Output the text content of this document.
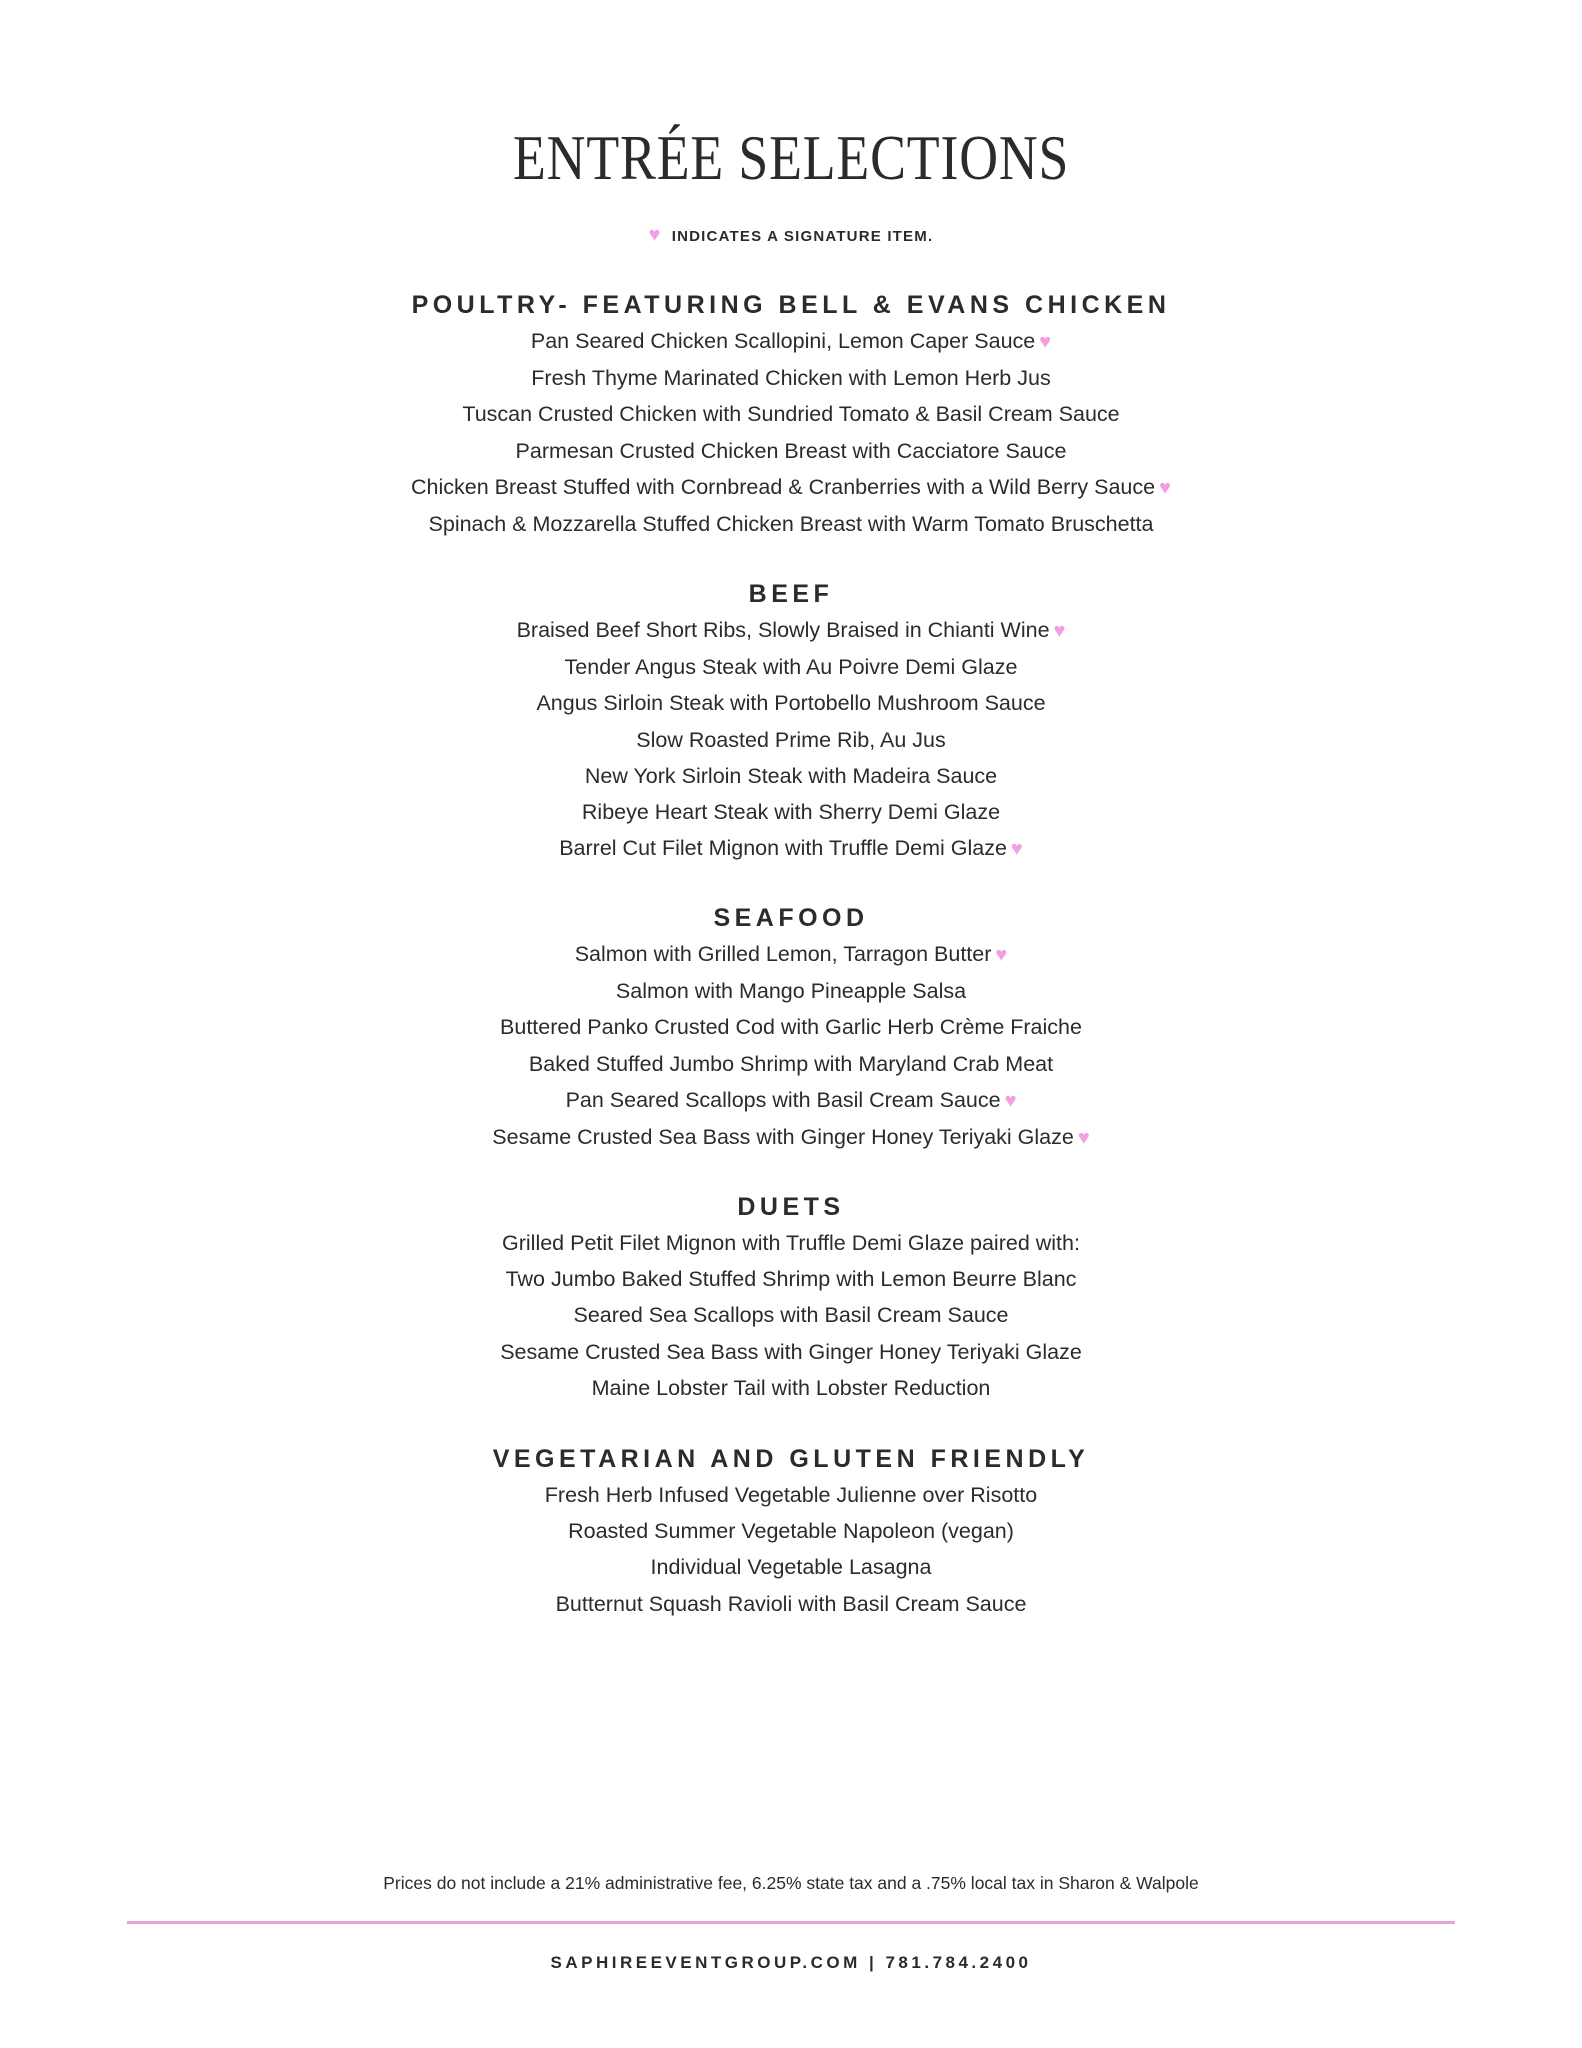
ENTRÉE SELECTIONS
♥ INDICATES A SIGNATURE ITEM.
POULTRY- FEATURING BELL & EVANS CHICKEN
Pan Seared Chicken Scallopini, Lemon Caper Sauce ♥
Fresh Thyme Marinated Chicken with Lemon Herb Jus
Tuscan Crusted Chicken with Sundried Tomato & Basil Cream Sauce
Parmesan Crusted Chicken Breast with Cacciatore Sauce
Chicken Breast Stuffed with Cornbread & Cranberries with a Wild Berry Sauce ♥
Spinach & Mozzarella Stuffed Chicken Breast with Warm Tomato Bruschetta
BEEF
Braised Beef Short Ribs, Slowly Braised in Chianti Wine ♥
Tender Angus Steak with Au Poivre Demi Glaze
Angus Sirloin Steak with Portobello Mushroom Sauce
Slow Roasted Prime Rib, Au Jus
New York Sirloin Steak with Madeira Sauce
Ribeye Heart Steak with Sherry Demi Glaze
Barrel Cut Filet Mignon with Truffle Demi Glaze ♥
SEAFOOD
Salmon with Grilled Lemon, Tarragon Butter ♥
Salmon with Mango Pineapple Salsa
Buttered Panko Crusted Cod with Garlic Herb Crème Fraiche
Baked Stuffed Jumbo Shrimp with Maryland Crab Meat
Pan Seared Scallops with Basil Cream Sauce ♥
Sesame Crusted Sea Bass with Ginger Honey Teriyaki Glaze ♥
DUETS
Grilled Petit Filet Mignon with Truffle Demi Glaze paired with:
Two Jumbo Baked Stuffed Shrimp with Lemon Beurre Blanc
Seared Sea Scallops with Basil Cream Sauce
Sesame Crusted Sea Bass with Ginger Honey Teriyaki Glaze
Maine Lobster Tail with Lobster Reduction
VEGETARIAN AND GLUTEN FRIENDLY
Fresh Herb Infused Vegetable Julienne over Risotto
Roasted Summer Vegetable Napoleon (vegan)
Individual Vegetable Lasagna
Butternut Squash Ravioli with Basil Cream Sauce
Prices do not include a 21% administrative fee, 6.25% state tax and a .75% local tax in Sharon & Walpole
SAPHIREEVENTGROUP.COM | 781.784.2400
